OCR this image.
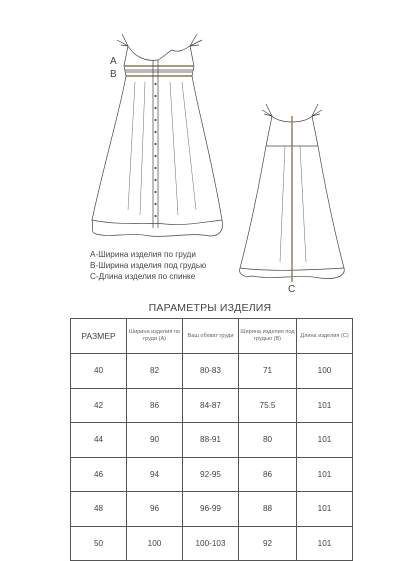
A
B
C
А-Ширина изделия по груди
В-Ширина изделия под грудью
С-Длина изделия по спинке
ПАРАМЕТРЫ ИЗДЕЛИЯ
РАЗМЕР	Ширина изделия по груди (А)	Ваш обхват груди	Ширина изделия под грудью (В)	Длина изделия (С)
40	82	80-83	71	100
42	86	84-87	75.5	101
44	90	88-91	80	101
46	94	92-95	86	101
48	96	96-99	88	101
50	100	100-103	92	101
